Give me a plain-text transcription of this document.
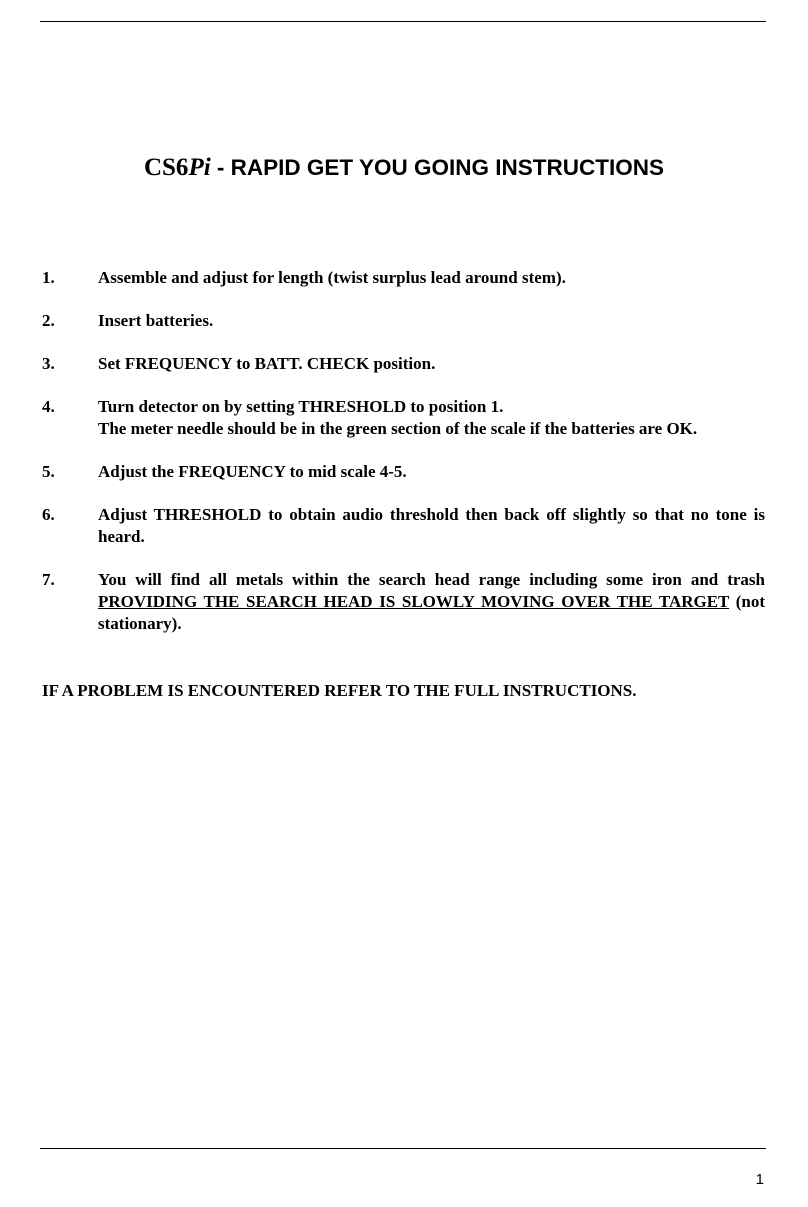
CS6Pi - RAPID GET YOU GOING INSTRUCTIONS
1.	Assemble and adjust for length (twist surplus lead around stem).
2.	Insert batteries.
3.	Set FREQUENCY to BATT. CHECK position.
4.	Turn detector on by setting THRESHOLD to position 1.
The meter needle should be in the green section of the scale if the batteries are OK.
5.	Adjust the FREQUENCY to mid scale 4-5.
6.	Adjust THRESHOLD to obtain audio threshold then back off slightly so that no tone is heard.
7.	You will find all metals within the search head range including some iron and trash PROVIDING THE SEARCH HEAD IS SLOWLY MOVING OVER THE TARGET (not stationary).
IF A PROBLEM IS ENCOUNTERED REFER TO THE FULL INSTRUCTIONS.
1
